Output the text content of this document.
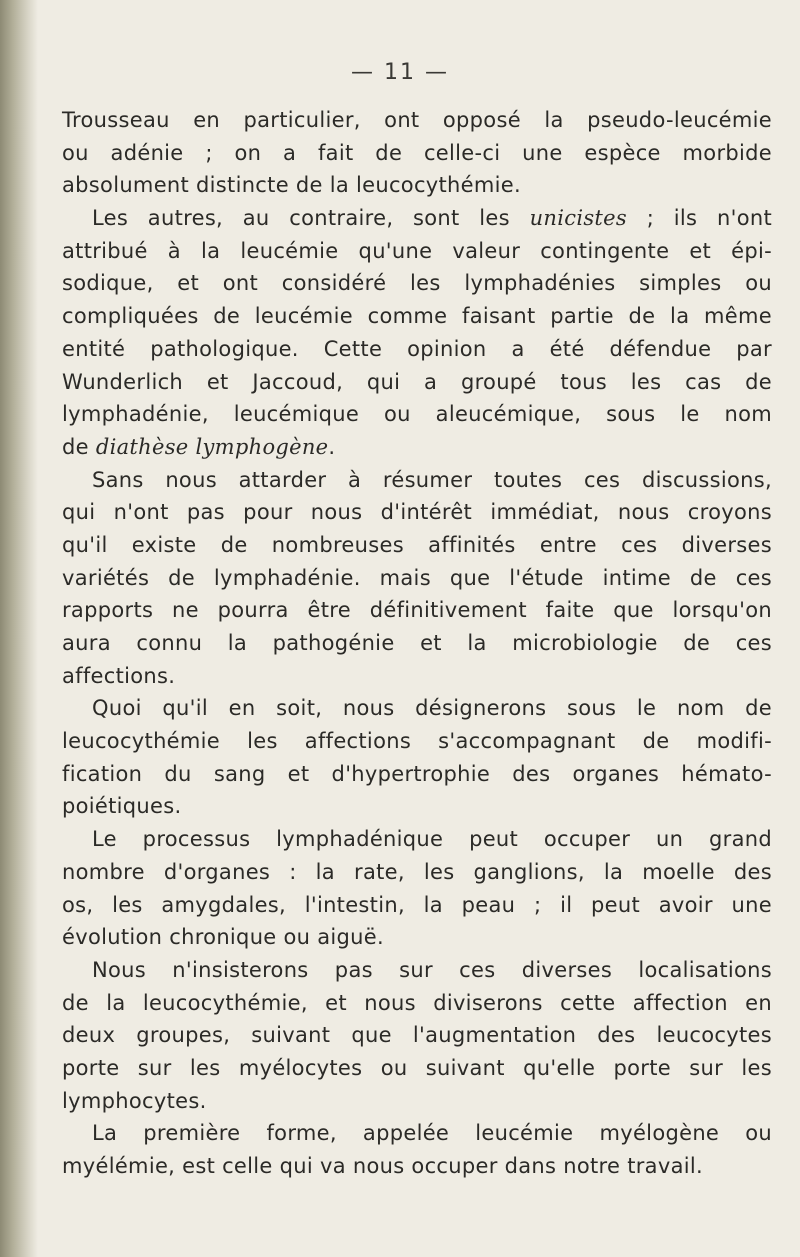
— 11 —
Trousseau en particulier, ont opposé la pseudo-leucémie
ou adénie ; on a fait de celle-ci une espèce morbide
absolument distincte de la leucocythémie.
Les autres, au contraire, sont les unicistes ; ils n'ont
attribué à la leucémie qu'une valeur contingente et épi-
sodique, et ont considéré les lymphadénies simples ou
compliquées de leucémie comme faisant partie de la même
entité pathologique. Cette opinion a été défendue par
Wunderlich et Jaccoud, qui a groupé tous les cas de
lymphadénie, leucémique ou aleucémique, sous le nom
de diathèse lymphogène.
Sans nous attarder à résumer toutes ces discussions,
qui n'ont pas pour nous d'intérêt immédiat, nous croyons
qu'il existe de nombreuses affinités entre ces diverses
variétés de lymphadénie. mais que l'étude intime de ces
rapports ne pourra être définitivement faite que lorsqu'on
aura connu la pathogénie et la microbiologie de ces
affections.
Quoi qu'il en soit, nous désignerons sous le nom de
leucocythémie les affections s'accompagnant de modifi-
fication du sang et d'hypertrophie des organes hémato-
poiétiques.
Le processus lymphadénique peut occuper un grand
nombre d'organes : la rate, les ganglions, la moelle des
os, les amygdales, l'intestin, la peau ; il peut avoir une
évolution chronique ou aiguë.
Nous n'insisterons pas sur ces diverses localisations
de la leucocythémie, et nous diviserons cette affection en
deux groupes, suivant que l'augmentation des leucocytes
porte sur les myélocytes ou suivant qu'elle porte sur les
lymphocytes.
La première forme, appelée leucémie myélogène ou
myélémie, est celle qui va nous occuper dans notre travail.
